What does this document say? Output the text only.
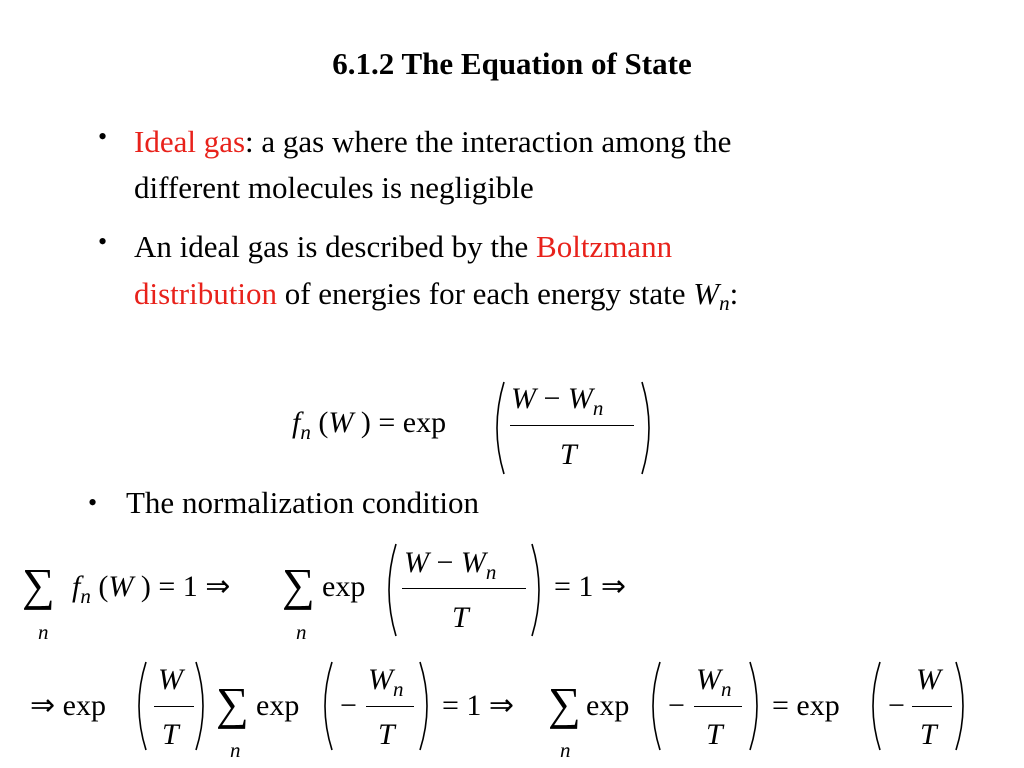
6.1.2 The Equation of State
• Ideal gas: a gas where the interaction among the
different molecules is negligible
• An ideal gas is described by the Boltzmann
distribution of energies for each energy state $W_n$:
$f_n$ (W ) = exp
$W - W_n$
T
• The normalization condition
∑
n
$f_n$ (W ) = 1 ⇒ ∑
n
exp
$W - W_n$
T
= 1 ⇒
⇒ exp
W
T
∑
n
exp −
$W_n$
T
= 1 ⇒ ∑
n
exp −
$W_n$
T
= exp −
W
T
